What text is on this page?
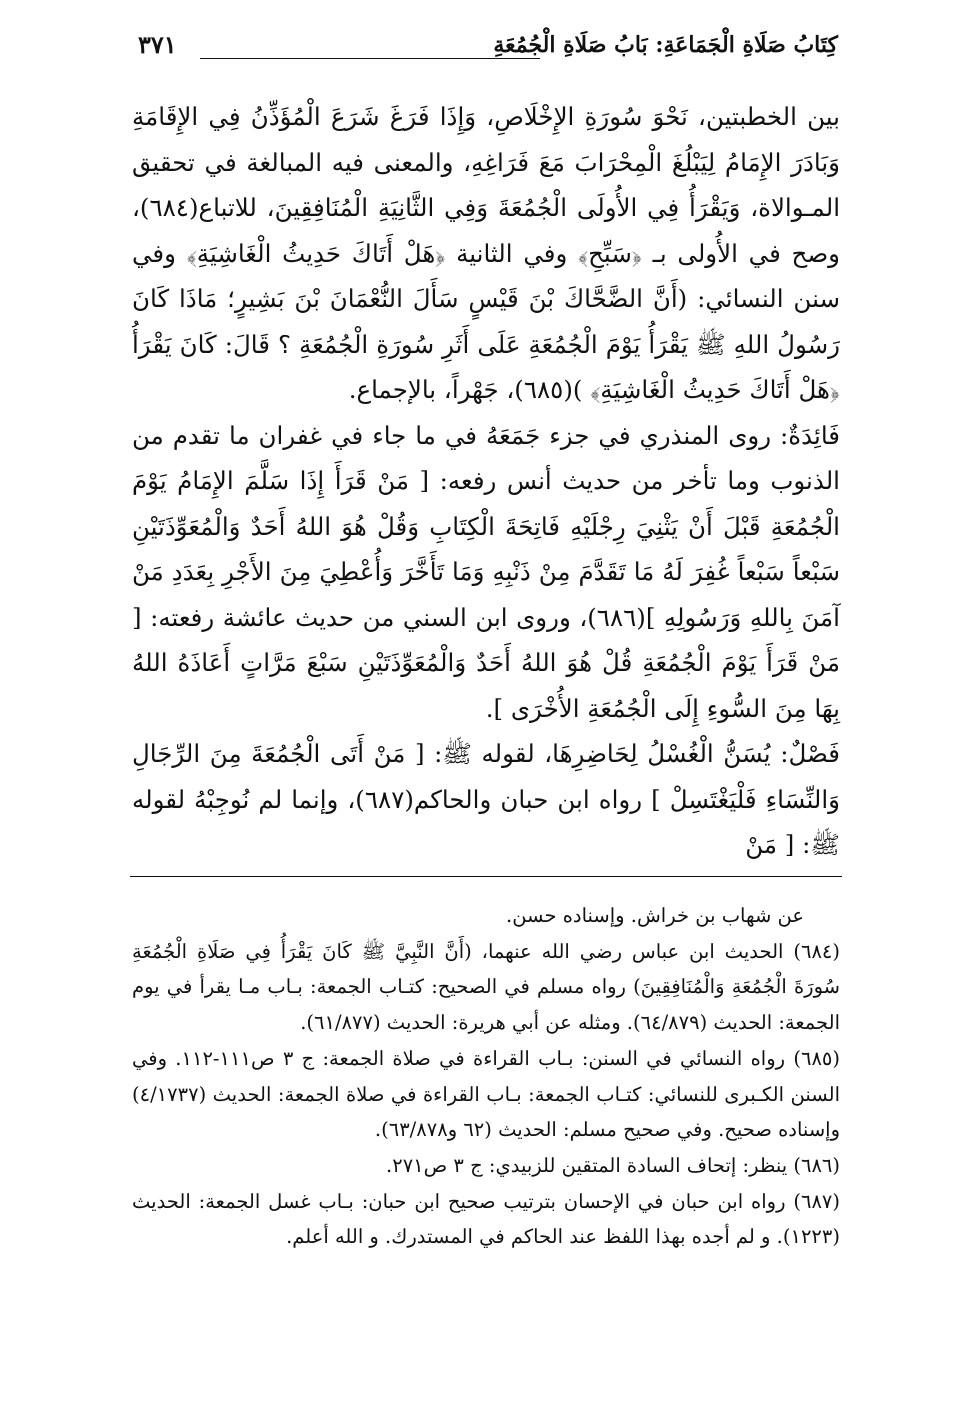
كِتَابُ صَلَاةِ الْجَمَاعَةِ: بَابُ صَلَاةِ الْجُمُعَةِ
٣٧١

بين الخطبتين، نَحْوَ سُورَةِ الإِخْلَاصِ، وَإِذَا فَرَغَ شَرَعَ الْمُؤَذِّنُ فِي الإِقَامَةِ وَبَادَرَ الإِمَامُ لِيَبْلُغَ الْمِحْرَابَ مَعَ فَرَاغِهِ، والمعنى فيه المبالغة في تحقيق المـوالاة، وَيَقْرَأُ فِي الأُولَى الْجُمُعَةَ وَفِي الثَّانِيَةِ الْمُنَافِقِينَ، للاتباع(٦٨٤)، وصح في الأُولى بـ ﴿سَبِّحِ﴾ وفي الثانية ﴿هَلْ أَتَاكَ حَدِيثُ الْغَاشِيَةِ﴾ وفي سنن النسائي: (أَنَّ الضَّحَّاكَ بْنَ قَيْسٍ سَأَلَ النُّعْمَانَ بْنَ بَشِيرٍ؛ مَاذَا كَانَ رَسُولُ اللهِ ﷺ يَقْرَأُ يَوْمَ الْجُمُعَةِ عَلَى أَثَرِ سُورَةِ الْجُمُعَةِ ؟ قَالَ: كَانَ يَقْرَأُ ﴿هَلْ أَتَاكَ حَدِيثُ الْغَاشِيَةِ﴾ )(٦٨٥)، جَهْراً، بالإجماع.

فَائِدَةٌ: روى المنذري في جزء جَمَعَهُ في ما جاء في غفران ما تقدم من الذنوب وما تأخر من حديث أنس رفعه: [ مَنْ قَرَأَ إِذَا سَلَّمَ الإِمَامُ يَوْمَ الْجُمُعَةِ قَبْلَ أَنْ يَثْنِيَ رِجْلَيْهِ فَاتِحَةَ الْكِتَابِ وَقُلْ هُوَ اللهُ أَحَدٌ وَالْمُعَوِّذَتَيْنِ سَبْعاً سَبْعاً غُفِرَ لَهُ مَا تَقَدَّمَ مِنْ ذَنْبِهِ وَمَا تَأَخَّرَ وَأُعْطِيَ مِنَ الأَجْرِ بِعَدَدِ مَنْ آمَنَ بِاللهِ وَرَسُولِهِ ](٦٨٦)، وروى ابن السني من حديث عائشة رفعته: [ مَنْ قَرَأَ يَوْمَ الْجُمُعَةِ قُلْ هُوَ اللهُ أَحَدٌ وَالْمُعَوِّذَتَيْنِ سَبْعَ مَرَّاتٍ أَعَاذَهُ اللهُ بِهَا مِنَ السُّوءِ إِلَى الْجُمُعَةِ الأُخْرَى ].

فَصْلٌ: يُسَنُّ الْغُسْلُ لِحَاضِرِهَا، لقوله ﷺ: [ مَنْ أَتَى الْجُمُعَةَ مِنَ الرِّجَالِ وَالنِّسَاءِ فَلْيَغْتَسِلْ ] رواه ابن حبان والحاكم(٦٨٧)، وإنما لم نُوجِبْهُ لقوله ﷺ: [ مَنْ

عن شهاب بن خراش. وإسناده حسن.

(٦٨٤) الحديث ابن عباس رضي الله عنهما، (أَنَّ النَّبِيَّ ﷺ كَانَ يَقْرَأُ فِي صَلَاةِ الْجُمُعَةِ سُورَةَ الْجُمُعَةِ وَالْمُنَافِقِينَ) رواه مسلم في الصحيح: كتـاب الجمعة: بـاب مـا يقرأ في يوم الجمعة: الحديث (٦٤/٨٧٩). ومثله عن أبي هريرة: الحديث (٦١/٨٧٧).

(٦٨٥) رواه النسائي في السنن: بـاب القراءة في صلاة الجمعة: ج ٣ ص١١١-١١٢. وفي السنن الكـبرى للنسائي: كتـاب الجمعة: بـاب القراءة في صلاة الجمعة: الحديث (٤/١٧٣٧) وإسناده صحيح. وفي صحيح مسلم: الحديث (٦٢ و٦٣/٨٧٨).

(٦٨٦) ينظر: إتحاف السادة المتقين للزبيدي: ج ٣ ص٢٧١.

(٦٨٧) رواه ابن حبان في الإحسان بترتيب صحيح ابن حبان: بـاب غسل الجمعة: الحديث (١٢٢٣). و لم أجده بهذا اللفظ عند الحاكم في المستدرك. و الله أعلم.
